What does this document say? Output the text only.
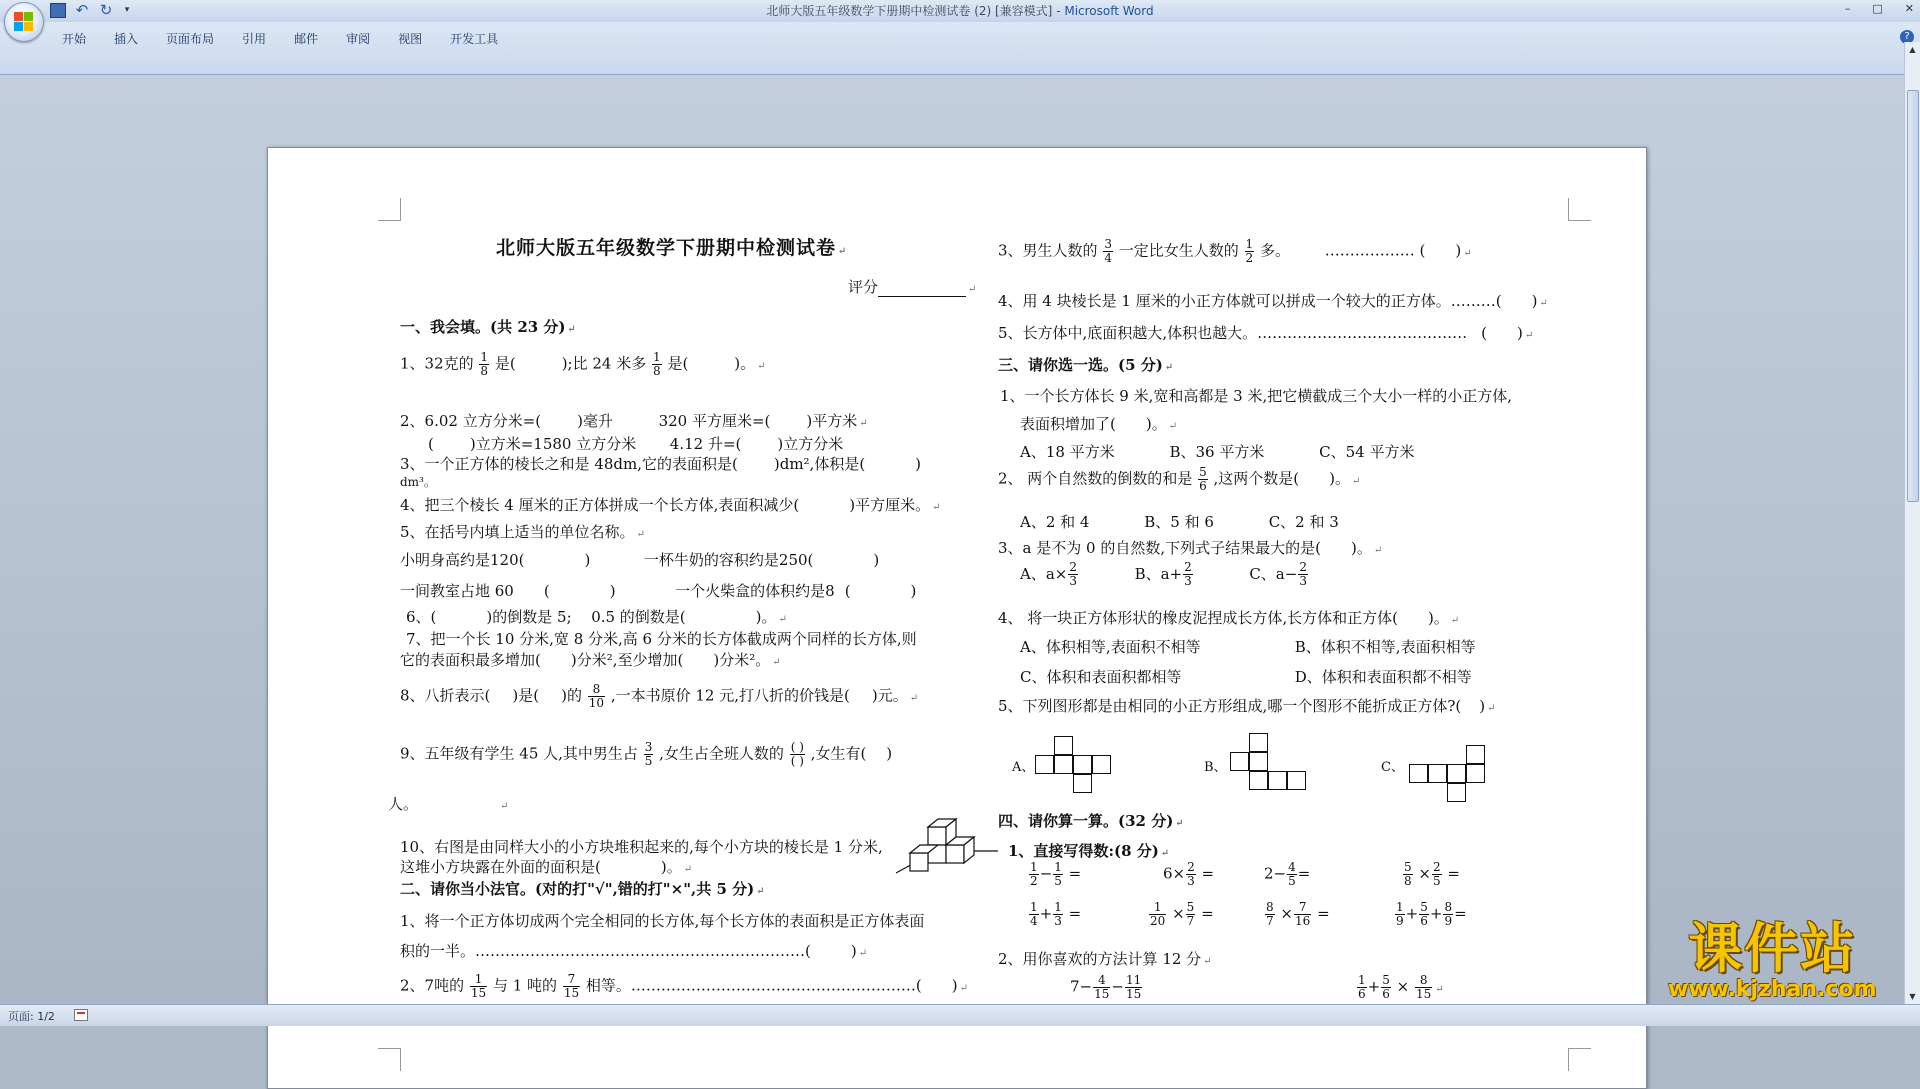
北师大版五年级数学下册期中检测试卷 (2) [兼容模式] - Microsoft Word
↶ ↻	▾	– □ ✕
开始	插入	页面布局	引用	邮件	审阅	视图	开发工具	?
北师大版五年级数学下册期中检测试卷 ↵
评分	↵
一、我会填。(共 23 分) ↵
1、32克的 $\frac{1}{8}$ 是(	);比 24 米多 $\frac{1}{8}$ 是(	)。 ↵
2、6.02 立方分米=( )毫升	320 平方厘米=( )平方米 ↵
( )立方米=1580 立方分米 4.12 升=( )立方分米
3、一个正方体的棱长之和是 48dm,它的表面积是( )dm²,体积是(	)
dm³。
4、把三个棱长 4 厘米的正方体拼成一个长方体,表面积减少(	)平方厘米。 ↵
5、在括号内填上适当的单位名称。 ↵
小明身高约是120(	)	一杯牛奶的容积约是250(	)
一间教室占地 60 (	)	一个火柴盒的体积约是8 (	)
6、(	)的倒数是 5; 0.5 的倒数是(	)。 ↵
7、把一个长 10 分米,宽 8 分米,高 6 分米的长方体截成两个同样的长方体,则
它的表面积最多增加( )分米²,至少增加( )分米²。 ↵
8、八折表示( )是( )的 $\frac{8}{10}$ ,一本书原价 12 元,打八折的价钱是( )元。 ↵
9、五年级有学生 45 人,其中男生占 $\frac{3}{5}$ ,女生占全班人数的 ( )
( ) ,女生有( )
人。	↵
10、右图是由同样大小的小方块堆积起来的,每个小方块的棱长是 1 分米,
这堆小方块露在外面的面积是(	)。 ↵
二、请你当小法官。(对的打"√",错的打"×",共 5 分) ↵
1、将一个正方体切成两个完全相同的长方体,每个长方体的表面积是正方体表面
积的一半。…………………………………………………………(	) ↵
2、7吨的 $\frac{1}{15}$ 与 1 吨的 $\frac{7}{15}$ 相等。…………………………………………………( ) ↵
3、男生人数的 $\frac{3}{4}$ 一定比女生人数的 $\frac{1}{2}$ 多。 ……………… ( ) ↵
4、用 4 块棱长是 1 厘米的小正方体就可以拼成一个较大的正方体。………( ) ↵
5、长方体中,底面积越大,体积也越大。…………………………………… ( ) ↵
三、请你选一选。(5 分) ↵
1、一个长方体长 9 米,宽和高都是 3 米,把它横截成三个大小一样的小正方体,
表面积增加了( )。 ↵
A、18 平方米	B、36 平方米	C、54 平方米
2、 两个自然数的倒数的和是 $\frac{5}{6}$ ,这两个数是( )。 ↵
A、2 和 4	B、5 和 6	C、2 和 3
3、a 是不为 0 的自然数,下列式子结果最大的是( )。 ↵
A、$a\times \frac{2}{3}$	B、$a+ \frac{2}{3}$	C、$a- \frac{2}{3}$
4、 将一块正方体形状的橡皮泥捏成长方体,长方体和正方体( )。 ↵
A、体积相等,表面积不相等	B、体积不相等,表面积相等
C、体积和表面积都相等	D、体积和表面积都不相等
5、下列图形都是由相同的小正方形组成,哪一个图形不能折成正方体?( ) ↵
A、	B、	C、
四、请你算一算。(32 分) ↵
1、直接写得数:(8 分) ↵
$\frac{1}{2} - \frac{1}{5}$ =	$6\times \frac{2}{3}$ =	$2- \frac{4}{5}$ =	$\frac{5}{8} \times \frac{2}{5}$ =
$\frac{1}{4} + \frac{1}{3}$ =	$\frac{1}{20} \times \frac{5}{7}$ =	$\frac{8}{7} \times \frac{7}{16}$ =	$\frac{1}{9} + \frac{5}{6} + \frac{8}{9}$ =
2、用你喜欢的方法计算 12 分 ↵
$7- \frac{4}{15} - \frac{11}{15}$	$\frac{1}{6} + \frac{5}{6} \times \frac{8}{15}$ ↵
▲
▼
页面: 1/2
课件站
www.kjzhan.com
